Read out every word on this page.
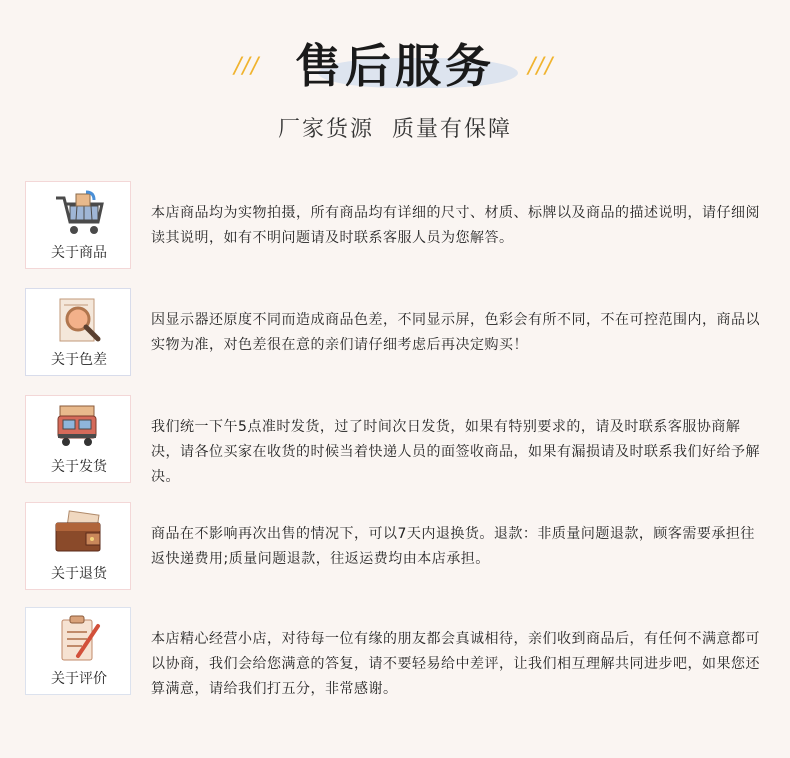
///	///
售后服务
厂家货源  质量有保障
关于商品
本店商品均为实物拍摄，所有商品均有详细的尺寸、材质、标牌以及商品的描述说明，请仔细阅读其说明，如有不明问题请及时联系客服人员为您解答。
关于色差
因显示器还原度不同而造成商品色差，不同显示屏，色彩会有所不同，不在可控范围内，商品以实物为准，对色差很在意的亲们请仔细考虑后再决定购买！
关于发货
我们统一下午5点准时发货，过了时间次日发货，如果有特别要求的，请及时联系客服协商解决，请各位买家在收货的时候当着快递人员的面签收商品，如果有漏损请及时联系我们好给予解决。
关于退货
商品在不影响再次出售的情况下，可以7天内退换货。退款：非质量问题退款，顾客需要承担往返快递费用;质量问题退款，往返运费均由本店承担。
关于评价
本店精心经营小店，对待每一位有缘的朋友都会真诚相待，亲们收到商品后，有任何不满意都可以协商，我们会给您满意的答复，请不要轻易给中差评，让我们相互理解共同进步吧，如果您还算满意，请给我们打五分，非常感谢。
